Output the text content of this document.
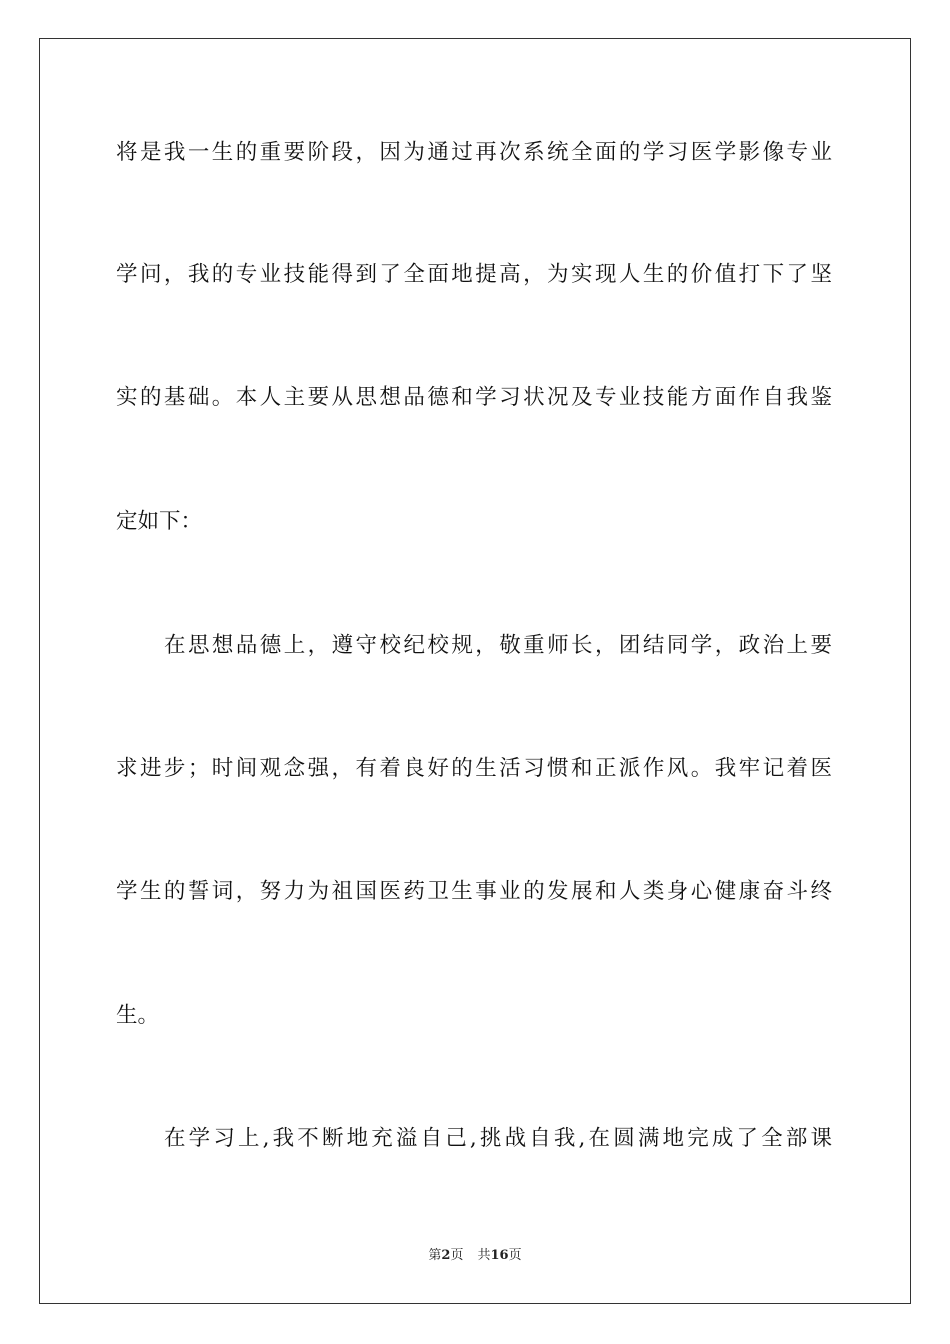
将是我一生的重要阶段，因为通过再次系统全面的学习医学影像专业
学问，我的专业技能得到了全面地提高，为实现人生的价值打下了坚
实的基础。本人主要从思想品德和学习状况及专业技能方面作自我鉴
定如下：
在思想品德上，遵守校纪校规，敬重师长，团结同学，政治上要
求进步；时间观念强，有着良好的生活习惯和正派作风。我牢记着医
学生的誓词，努力为祖国医药卫生事业的发展和人类身心健康奋斗终
生。
在学习上,我不断地充溢自己,挑战自我,在圆满地完成了全部课
第2页 共16页
